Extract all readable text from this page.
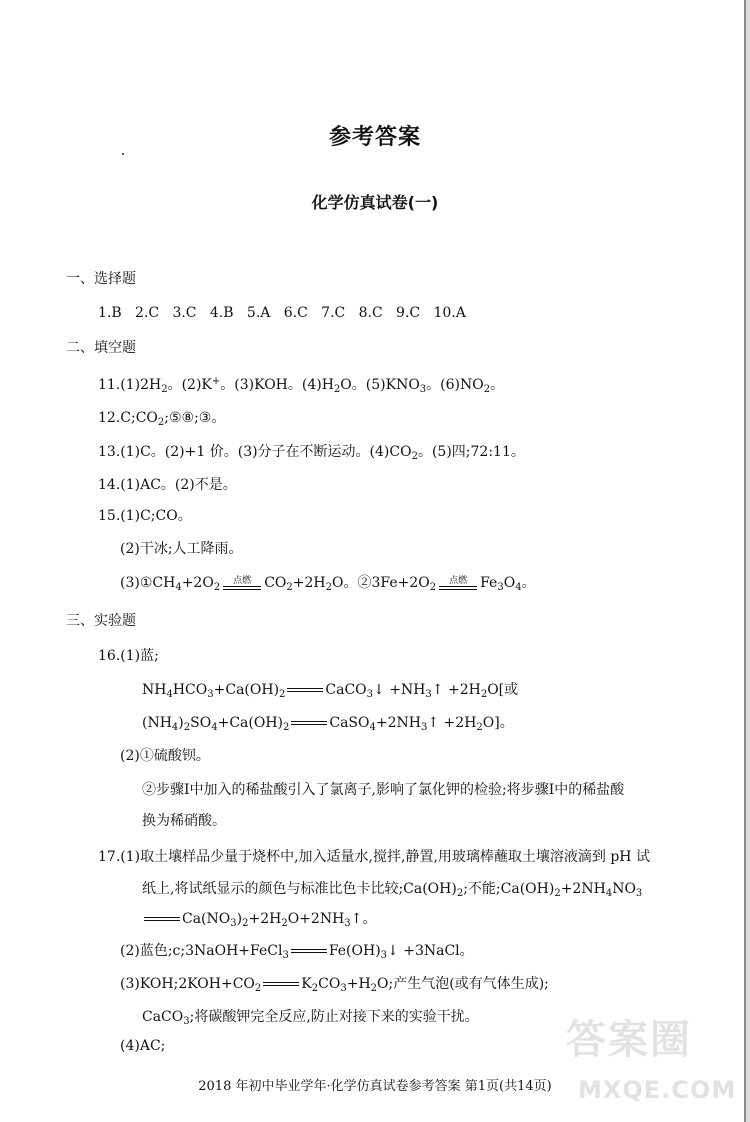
参考答案
化学仿真试卷(一)
一、选择题
1.B 2.C 3.C 4.B 5.A 6.C 7.C 8.C 9.C 10.A
二、填空题
$11.(1)2H_2$。(2)K+。(3)KOH。$(4)H_2O$。$(5)KNO_3$。$(6)NO_2$。
$12.C;CO_2;⑤⑧;③$。
13.(1)C。(2)+1 价。(3)分子在不断运动。$(4)CO_2$。(5)四;72:11。
14.(1)AC。(2)不是。
15.(1)C;CO。
(2)干冰;人工降雨。
$(3)①CH_4+2O_2$
点燃 $CO_2+2H_2O$。$②3Fe+2O_2$
点燃 $Fe_3O_4$。
三、实验题
16.(1)蓝;
$NH_4HCO_3+Ca(OH)_2$	CaCO$_3$↓ $+NH_3↑ +2H_2O$[或
$(NH_4)_2SO_4+Ca(OH)_2$	$CaSO_4+2NH_3↑ +2H_2O$]。
(2)①硫酸钡。
②步骤Ⅰ中加入的稀盐酸引入了氯离子,影响了氯化钾的检验;将步骤Ⅰ中的稀盐酸
换为稀硝酸。
17.(1)取土壤样品少量于烧杯中,加入适量水,搅拌,静置,用玻璃棒蘸取土壤溶液滴到 pH 试
纸上,将试纸显示的颜色与标准比色卡比较$;Ca(OH)_2$;不能$;Ca(OH)_2+2NH_4NO_3$
$Ca(NO_3)_2+2H_2O+2NH_3↑$。
(2)蓝色;c;3NaOH+FeCl$_3$	$Fe(OH)_3↓$ +3NaCl。
$(3)KOH;2KOH+CO_2$	$K_2CO_3+H_2O$;产生气泡(或有气体生成);
CaCO$_3$;将碳酸钾完全反应,防止对接下来的实验干扰。
(4)AC;	答案圈
MXQE.COM
2018 年初中毕业学年·化学仿真试卷参考答案 第1页(共14页)
